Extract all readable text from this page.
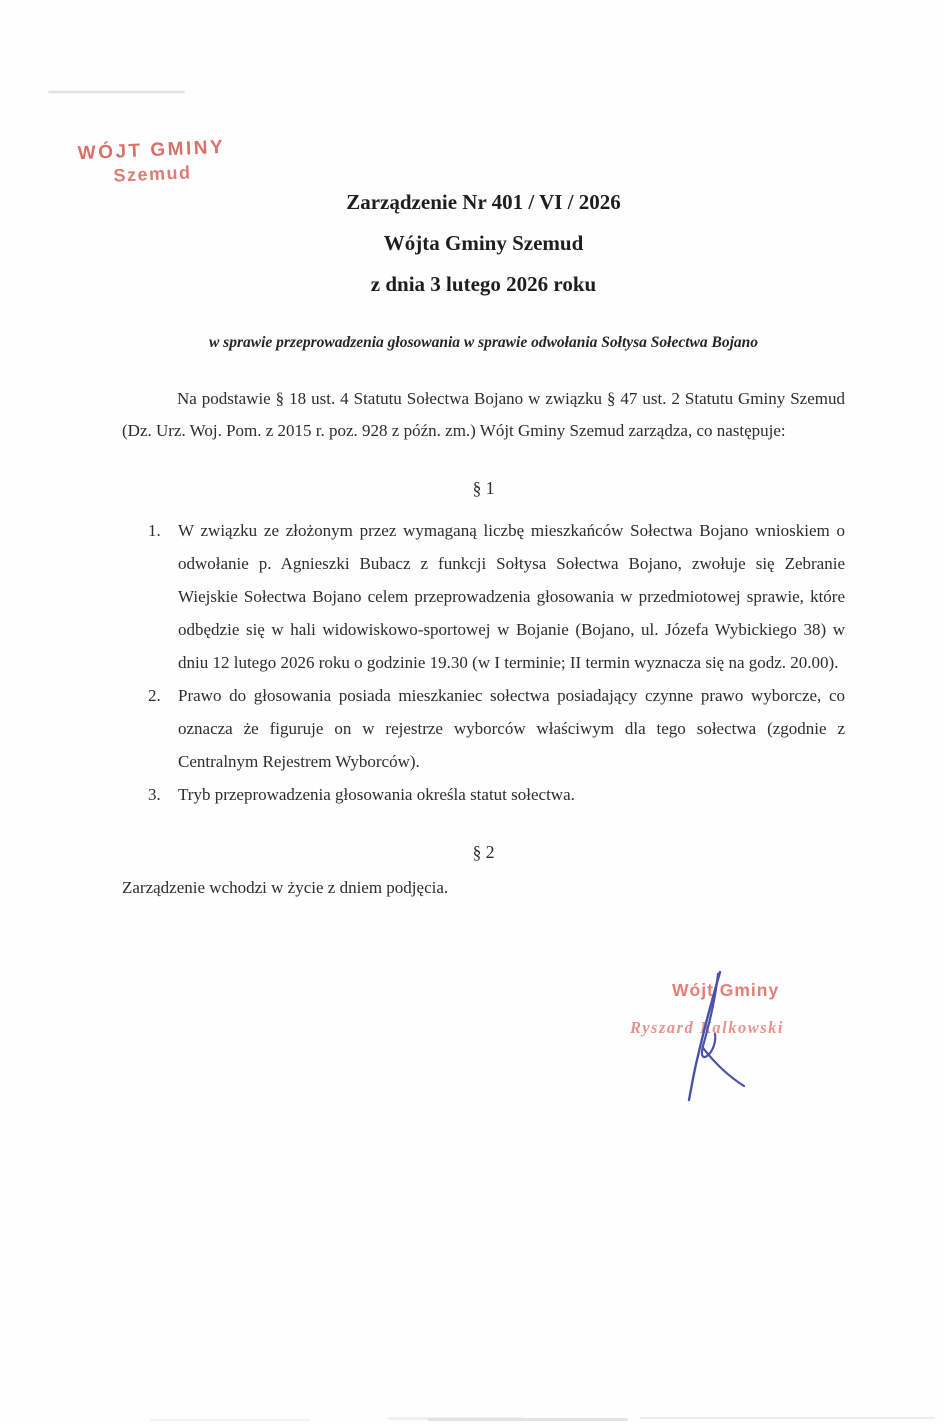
WÓJT GMINY
Szemud
Zarządzenie Nr 401 / VI / 2026
Wójta Gminy Szemud
z dnia 3 lutego 2026 roku
w sprawie przeprowadzenia głosowania w sprawie odwołania Sołtysa Sołectwa Bojano
Na podstawie § 18 ust. 4 Statutu Sołectwa Bojano w związku § 47 ust. 2 Statutu Gminy Szemud (Dz. Urz. Woj. Pom. z 2015 r. poz. 928 z późn. zm.) Wójt Gminy Szemud zarządza, co następuje:
§ 1
1.	W związku ze złożonym przez wymaganą liczbę mieszkańców Sołectwa Bojano wnioskiem o odwołanie p. Agnieszki Bubacz z funkcji Sołtysa Sołectwa Bojano, zwołuje się Zebranie Wiejskie Sołectwa Bojano celem przeprowadzenia głosowania w przedmiotowej sprawie, które odbędzie się w hali widowiskowo-sportowej w Bojanie (Bojano, ul. Józefa Wybickiego 38) w dniu 12 lutego 2026 roku o godzinie 19.30 (w I terminie; II termin wyznacza się na godz. 20.00).
2.	Prawo do głosowania posiada mieszkaniec sołectwa posiadający czynne prawo wyborcze, co oznacza że figuruje on w rejestrze wyborców właściwym dla tego sołectwa (zgodnie z Centralnym Rejestrem Wyborców).
3.	Tryb przeprowadzenia głosowania określa statut sołectwa.
§ 2
Zarządzenie wchodzi w życie z dniem podjęcia.
Wójt Gminy
Ryszard Kalkowski
